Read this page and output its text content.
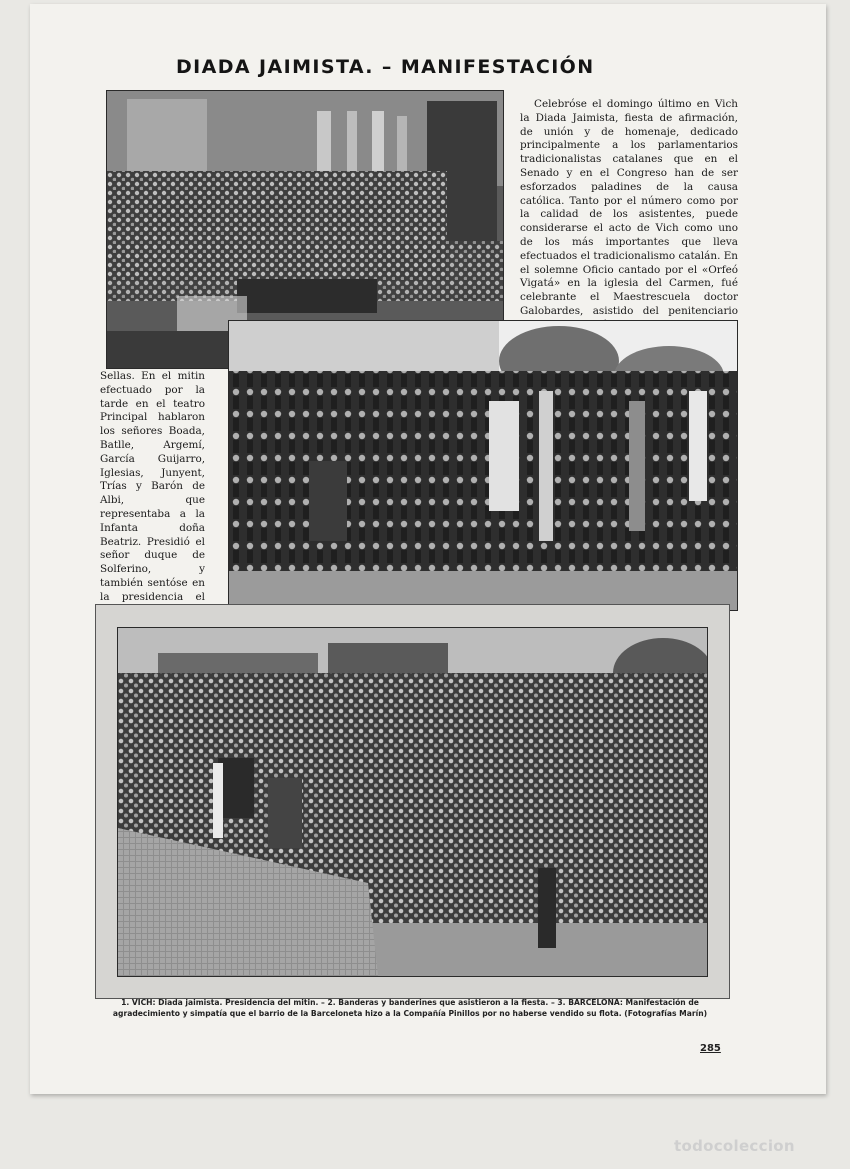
DIADA JAIMISTA. – MANIFESTACIÓN

Celebróse el domingo último en Vich la Diada Jaimista, fiesta de afirmación, de unión y de homenaje, dedicado principalmente a los parlamentarios tradicionalistas catalanes que en el Senado y en el Congreso han de ser esforzados paladines de la causa católica. Tanto por el número como por la calidad de los asistentes, puede considerarse el acto de Vich como uno de los más importantes que lleva efectuados el tradicionalismo catalán. En el solemne Oficio cantado por el «Orfeó Vigatá» en la iglesia del Carmen, fué celebrante el Maestrescuela doctor Galobardes, asistido del penitenciario

Sellas. En el mitin efectuado por la tarde en el teatro Principal hablaron los señores Boada, Batlle, Argemí, García Guijarro, Iglesias, Junyent, Trías y Barón de Albi, que representaba a la Infanta doña Beatriz. Presidió el señor duque de Solferino, y también sentóse en la presidencia el

1. VICH: Diada jaimista. Presidencia del mitin. – 2. Banderas y banderines que asistieron a la fiesta. – 3. BARCELONA: Manifestación de agradecimiento y simpatía que el barrio de la Barceloneta hizo a la Compañía Pinillos por no haberse vendido su flota. (Fotografías Marín)
285
todocoleccion
